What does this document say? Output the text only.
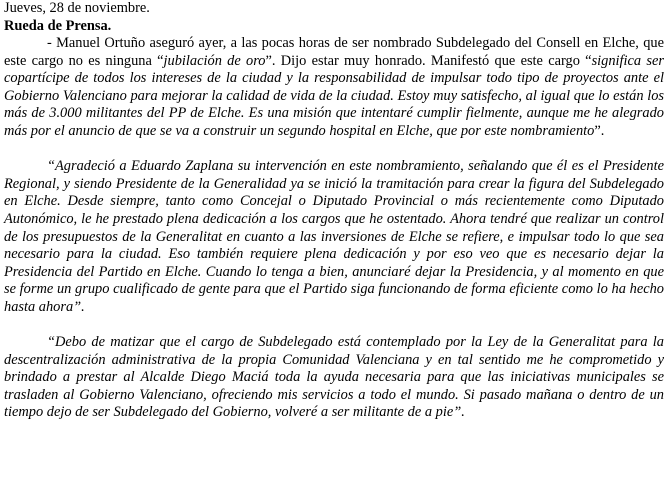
Jueves, 28 de noviembre.

Rueda de Prensa.

- Manuel Ortuño aseguró ayer, a las pocas horas de ser nombrado Subdelegado del Consell en Elche, que este cargo no es ninguna “jubilación de oro”. Dijo estar muy honrado. Manifestó que este cargo “significa ser copartícipe de todos los intereses de la ciudad y la responsabilidad de impulsar todo tipo de proyectos ante el Gobierno Valenciano para mejorar la calidad de vida de la ciudad. Estoy muy satisfecho, al igual que lo están los más de 3.000 militantes del PP de Elche. Es una misión que intentaré cumplir fielmente, aunque me he alegrado más por el anuncio de que se va a construir un segundo hospital en Elche, que por este nombramiento”.

“Agradeció a Eduardo Zaplana su intervención en este nombramiento, señalando que él es el Presidente Regional, y siendo Presidente de la Generalidad ya se inició la tramitación para crear la figura del Subdelegado en Elche. Desde siempre, tanto como Concejal o Diputado Provincial o más recientemente como Diputado Autonómico, le he prestado plena dedicación a los cargos que he ostentado. Ahora tendré que realizar un control de los presupuestos de la Generalitat en cuanto a las inversiones de Elche se refiere, e impulsar todo lo que sea necesario para la ciudad. Eso también requiere plena dedicación y por eso veo que es necesario dejar la Presidencia del Partido en Elche. Cuando lo tenga a bien, anunciaré dejar la Presidencia, y al momento en que se forme un grupo cualificado de gente para que el Partido siga funcionando de forma eficiente como lo ha hecho hasta ahora”.

“Debo de matizar que el cargo de Subdelegado está contemplado por la Ley de la Generalitat para la descentralización administrativa de la propia Comunidad Valenciana y en tal sentido me he comprometido y brindado a prestar al Alcalde Diego Maciá toda la ayuda necesaria para que las iniciativas municipales se trasladen al Gobierno Valenciano, ofreciendo mis servicios a todo el mundo. Si pasado mañana o dentro de un tiempo dejo de ser Subdelegado del Gobierno, volveré a ser militante de a pie”.
